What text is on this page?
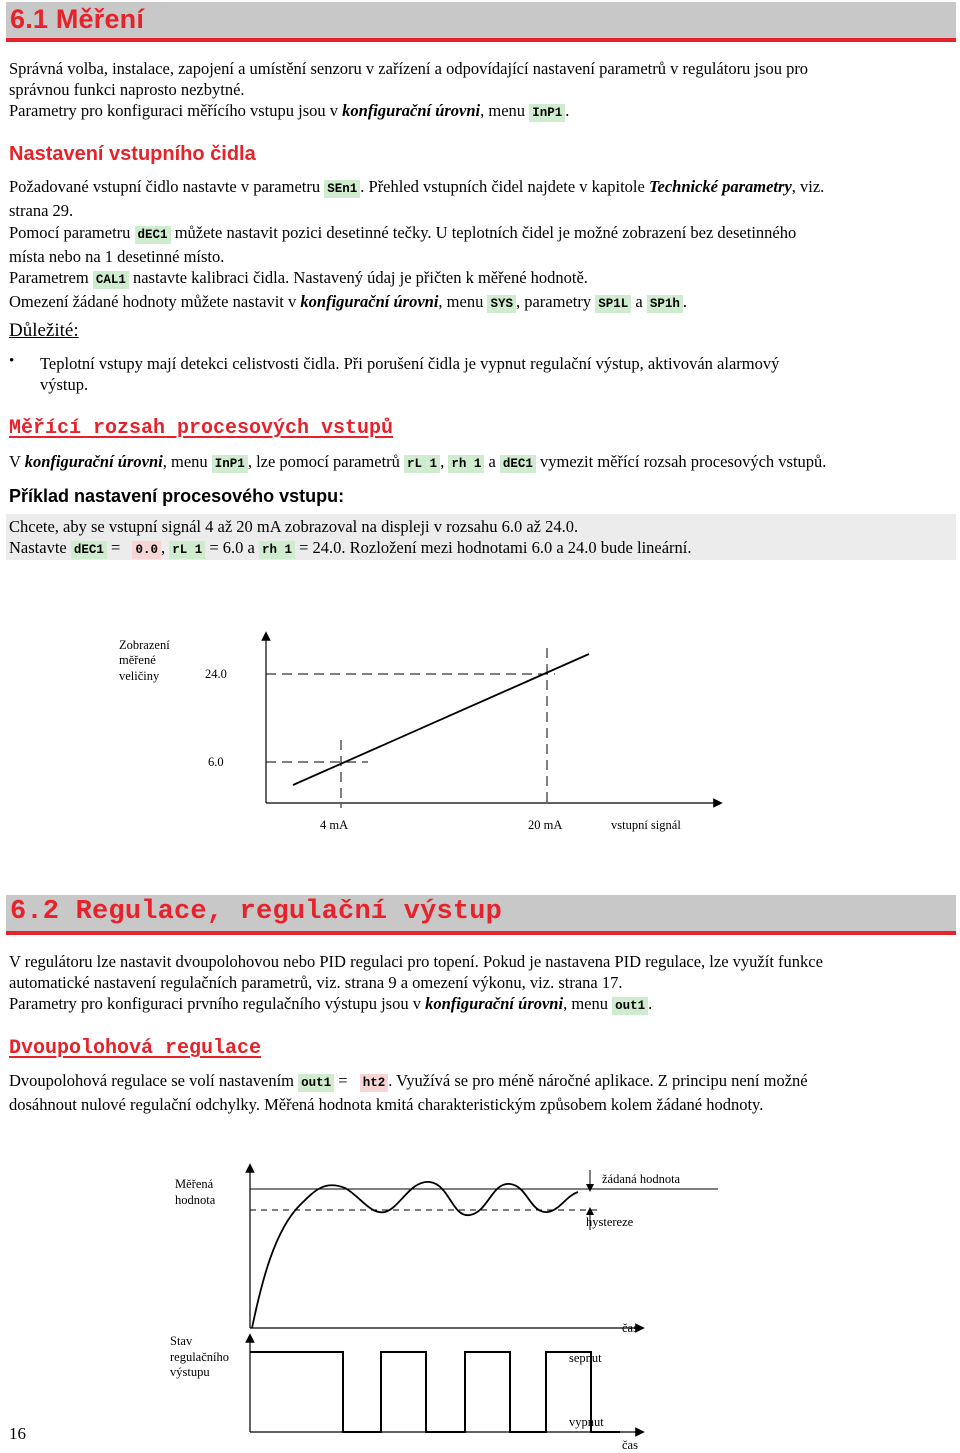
6.1 Měření
Správná volba, instalace, zapojení a umístění senzoru v zařízení a odpovídající nastavení parametrů v regulátoru jsou pro
správnou funkci naprosto nezbytné.
Parametry pro konfiguraci měřícího vstupu jsou v konfigurační úrovni, menu InP1 .
Nastavení vstupního čidla
Požadované vstupní čidlo nastavte v parametru SEn1 . Přehled vstupních čidel najdete v kapitole Technické parametry, viz.
strana 29.
Pomocí parametru dEC1 můžete nastavit pozici desetinné tečky. U teplotních čidel je možné zobrazení bez desetinného
místa nebo na 1 desetinné místo.
Parametrem CAL1 nastavte kalibraci čidla. Nastavený údaj je přičten k měřené hodnotě.
Omezení žádané hodnoty můžete nastavit v konfigurační úrovni, menu SYS , parametry SP1L a SP1h .
Důležité:
• Teplotní vstupy mají detekci celistvosti čidla. Při porušení čidla je vypnut regulační výstup, aktivován alarmový
výstup.
Měřící rozsah procesových vstupů
V konfigurační úrovni, menu InP1 , lze pomocí parametrů rL 1 , rh 1 a dEC1 vymezit měřící rozsah procesových vstupů.
Příklad nastavení procesového vstupu:
Chcete, aby se vstupní signál 4 až 20 mA zobrazoval na displeji v rozsahu 6.0 až 24.0.
Nastavte dEC1 = 0.0 , rL 1 = 6.0 a rh 1 = 24.0. Rozložení mezi hodnotami 6.0 a 24.0 bude lineární.
Zobrazení
měřené
veličiny	24.0
6.0
4 mA	20 mA	vstupní signál
6.2 Regulace, regulační výstup
V regulátoru lze nastavit dvoupolohovou nebo PID regulaci pro topení. Pokud je nastavena PID regulace, lze využít funkce
automatické nastavení regulačních parametrů, viz. strana 9 a omezení výkonu, viz. strana 17.
Parametry pro konfiguraci prvního regulačního výstupu jsou v konfigurační úrovni, menu out1 .
Dvoupolohová regulace
Dvoupolohová regulace se volí nastavením out1 = ht2 . Využívá se pro méně náročné aplikace. Z principu není možné
dosáhnout nulové regulační odchylky. Měřená hodnota kmitá charakteristickým způsobem kolem žádané hodnoty.
Měřená
hodnota
žádaná hodnota
hystereze
čas
Stav
regulačního
výstupu
sepnut
vypnut
čas
16
